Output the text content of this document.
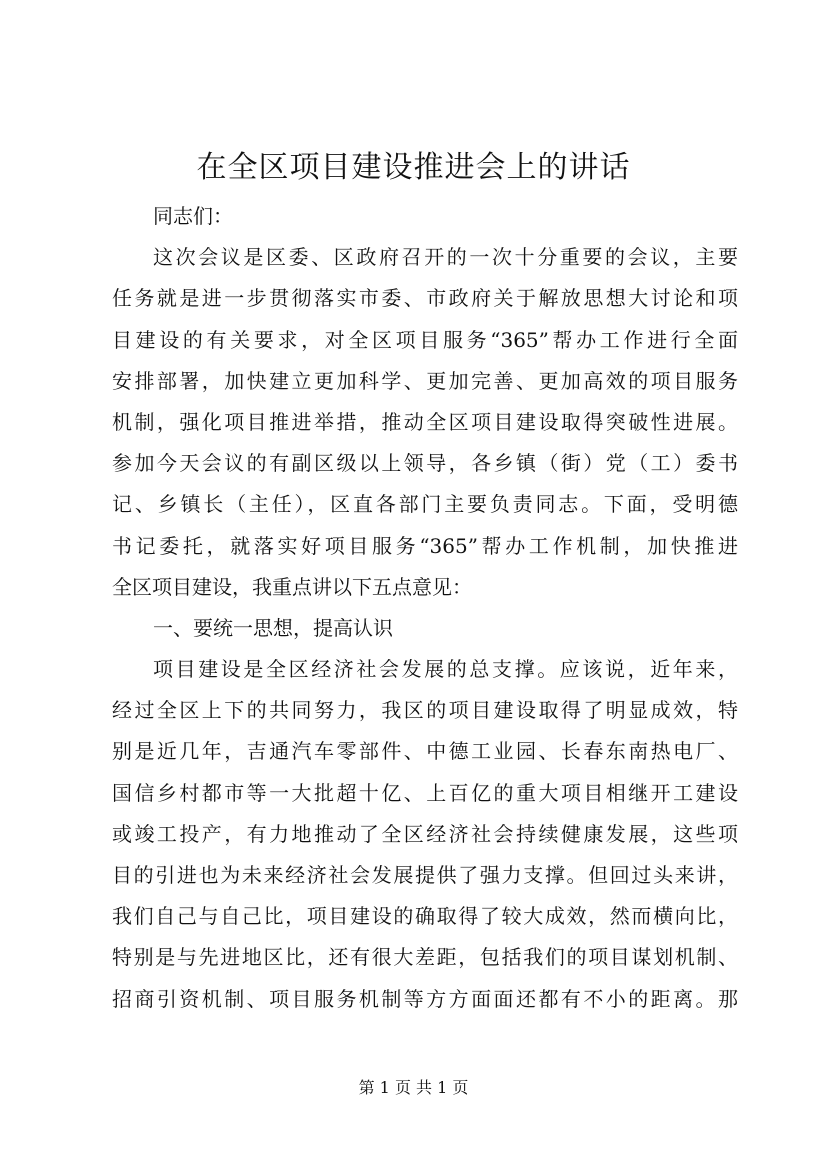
在全区项目建设推进会上的讲话
同志们：
这次会议是区委、区政府召开的一次十分重要的会议，主要
任务就是进一步贯彻落实市委、市政府关于解放思想大讨论和项
目建设的有关要求，对全区项目服务“365”帮办工作进行全面
安排部署，加快建立更加科学、更加完善、更加高效的项目服务
机制，强化项目推进举措，推动全区项目建设取得突破性进展。
参加今天会议的有副区级以上领导，各乡镇（街）党（工）委书
记、乡镇长（主任），区直各部门主要负责同志。下面，受明德
书记委托，就落实好项目服务“365”帮办工作机制，加快推进
全区项目建设，我重点讲以下五点意见：
一、要统一思想，提高认识
项目建设是全区经济社会发展的总支撑。应该说，近年来，
经过全区上下的共同努力，我区的项目建设取得了明显成效，特
别是近几年，吉通汽车零部件、中德工业园、长春东南热电厂、
国信乡村都市等一大批超十亿、上百亿的重大项目相继开工建设
或竣工投产，有力地推动了全区经济社会持续健康发展，这些项
目的引进也为未来经济社会发展提供了强力支撑。但回过头来讲，
我们自己与自己比，项目建设的确取得了较大成效，然而横向比，
特别是与先进地区比，还有很大差距，包括我们的项目谋划机制、
招商引资机制、项目服务机制等方方面面还都有不小的距离。那
第 1 页 共 1 页
